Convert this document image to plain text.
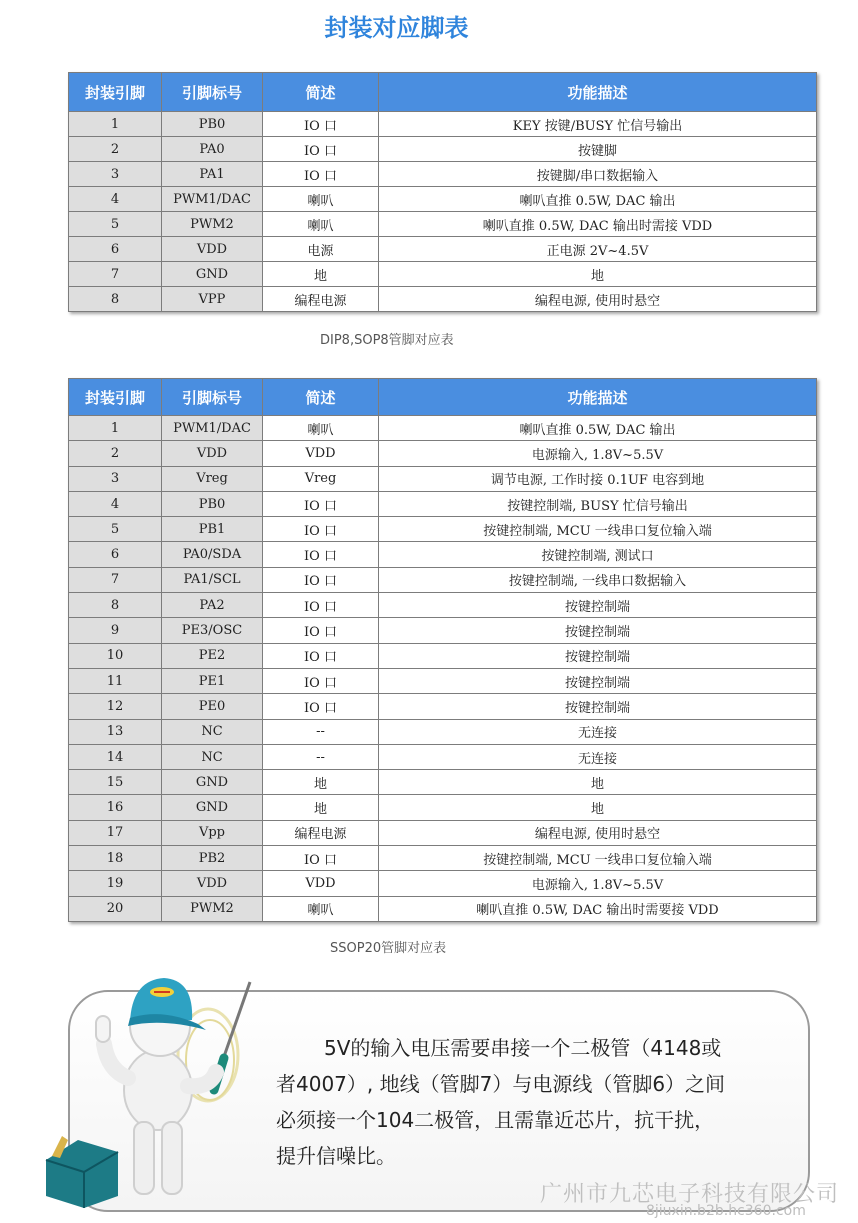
封装对应脚表
封装引脚	引脚标号	简述	功能描述
1	PB0	IO 口	KEY 按键/BUSY 忙信号输出
2	PA0	IO 口	按键脚
3	PA1	IO 口	按键脚/串口数据输入
4	PWM1/DAC	喇叭	喇叭直推 0.5W, DAC 输出
5	PWM2	喇叭	喇叭直推 0.5W, DAC 输出时需接 VDD
6	VDD	电源	正电源 2V~4.5V
7	GND	地	地
8	VPP	编程电源	编程电源, 使用时悬空
DIP8,SOP8管脚对应表
封装引脚	引脚标号	简述	功能描述
1	PWM1/DAC	喇叭	喇叭直推 0.5W, DAC 输出
2	VDD	VDD	电源输入, 1.8V~5.5V
3	Vreg	Vreg	调节电源, 工作时接 0.1UF 电容到地
4	PB0	IO 口	按键控制端, BUSY 忙信号输出
5	PB1	IO 口	按键控制端, MCU 一线串口复位输入端
6	PA0/SDA	IO 口	按键控制端, 测试口
7	PA1/SCL	IO 口	按键控制端, 一线串口数据输入
8	PA2	IO 口	按键控制端
9	PE3/OSC	IO 口	按键控制端
10	PE2	IO 口	按键控制端
11	PE1	IO 口	按键控制端
12	PE0	IO 口	按键控制端
13	NC	--	无连接
14	NC	--	无连接
15	GND	地	地
16	GND	地	地
17	Vpp	编程电源	编程电源, 使用时悬空
18	PB2	IO 口	按键控制端, MCU 一线串口复位输入端
19	VDD	VDD	电源输入, 1.8V~5.5V
20	PWM2	喇叭	喇叭直推 0.5W, DAC 输出时需要接 VDD
SSOP20管脚对应表
5V的输入电压需要串接一个二极管（4148或
者4007）, 地线（管脚7）与电源线（管脚6）之间
必须接一个104二极管，且需靠近芯片，抗干扰，
提升信噪比。
广州市九芯电子科技有限公司
8jiuxin.b2b.hc360.com
